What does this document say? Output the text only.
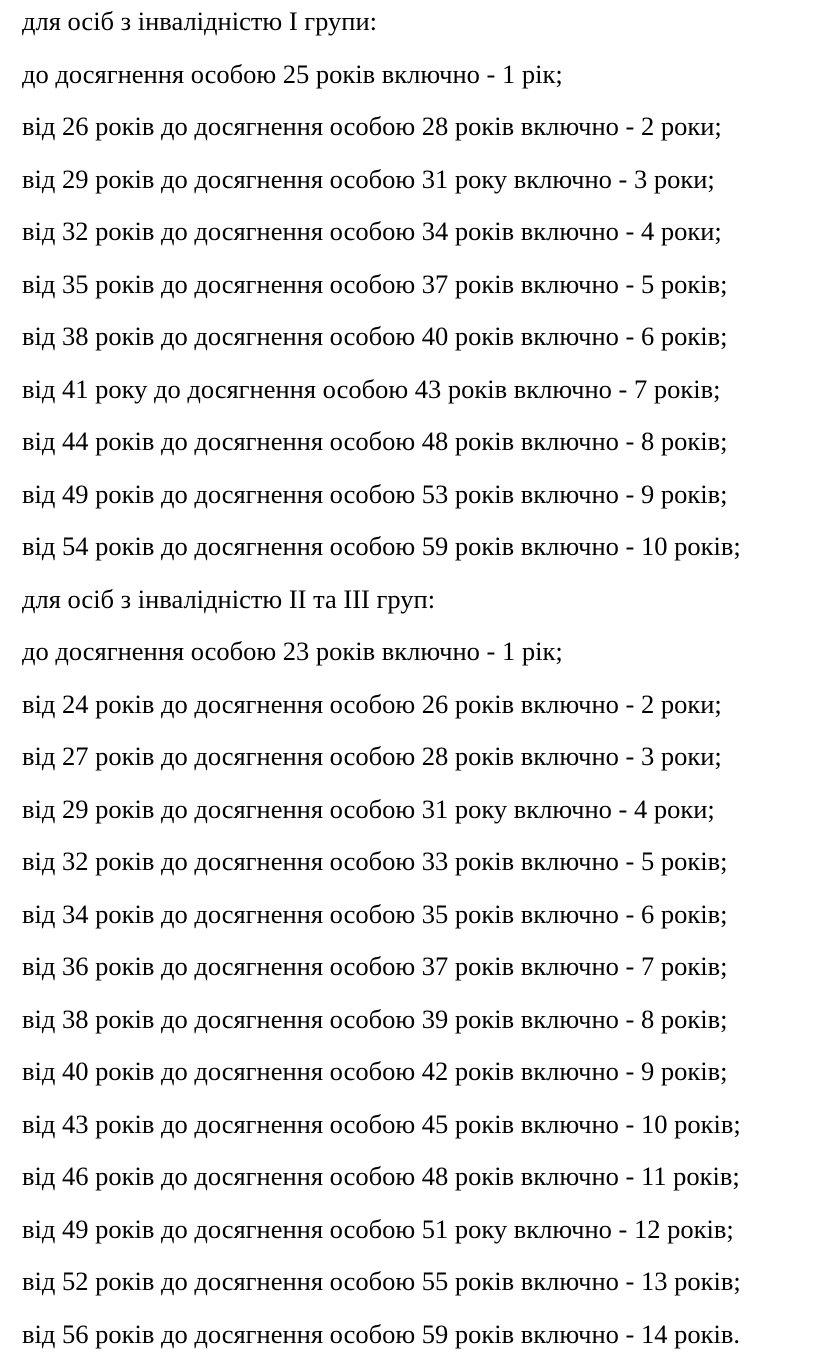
для осіб з інвалідністю I групи:
до досягнення особою 25 років включно - 1 рік;
від 26 років до досягнення особою 28 років включно - 2 роки;
від 29 років до досягнення особою 31 року включно - 3 роки;
від 32 років до досягнення особою 34 років включно - 4 роки;
від 35 років до досягнення особою 37 років включно - 5 років;
від 38 років до досягнення особою 40 років включно - 6 років;
від 41 року до досягнення особою 43 років включно - 7 років;
від 44 років до досягнення особою 48 років включно - 8 років;
від 49 років до досягнення особою 53 років включно - 9 років;
від 54 років до досягнення особою 59 років включно - 10 років;
для осіб з інвалідністю II та III груп:
до досягнення особою 23 років включно - 1 рік;
від 24 років до досягнення особою 26 років включно - 2 роки;
від 27 років до досягнення особою 28 років включно - 3 роки;
від 29 років до досягнення особою 31 року включно - 4 роки;
від 32 років до досягнення особою 33 років включно - 5 років;
від 34 років до досягнення особою 35 років включно - 6 років;
від 36 років до досягнення особою 37 років включно - 7 років;
від 38 років до досягнення особою 39 років включно - 8 років;
від 40 років до досягнення особою 42 років включно - 9 років;
від 43 років до досягнення особою 45 років включно - 10 років;
від 46 років до досягнення особою 48 років включно - 11 років;
від 49 років до досягнення особою 51 року включно - 12 років;
від 52 років до досягнення особою 55 років включно - 13 років;
від 56 років до досягнення особою 59 років включно - 14 років.
